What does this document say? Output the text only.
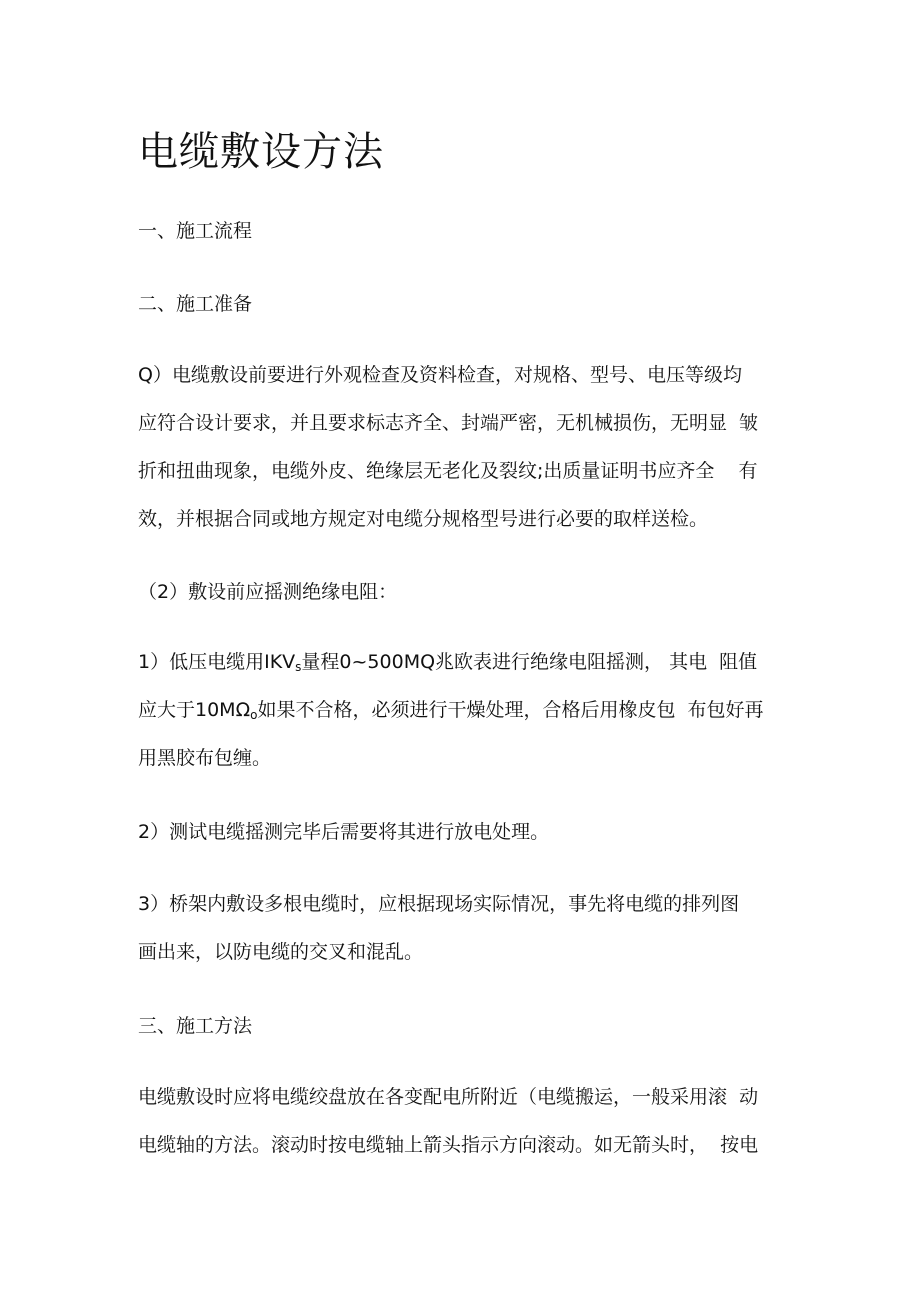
电缆敷设方法

一、施工流程

二、施工准备

Q）电缆敷设前要进行外观检查及资料检查，对规格、型号、电压等级均
应符合设计要求，并且要求标志齐全、封端严密，无机械损伤，无明显  皱
折和扭曲现象，电缆外皮、绝缘层无老化及裂纹;出质量证明书应齐全    有
效，并根据合同或地方规定对电缆分规格型号进行必要的取样送检。

（2）敷设前应摇测绝缘电阻：

1）低压电缆用$IKV_s$量程0~500MQ兆欧表进行绝缘电阻摇测， 其电  阻值
应大于$10M\Omega_o$如果不合格，必须进行干燥处理，合格后用橡皮包  布包好再
用黑胶布包缠。

2）测试电缆摇测完毕后需要将其进行放电处理。

3）桥架内敷设多根电缆时，应根据现场实际情况，事先将电缆的排列图
画出来，以防电缆的交叉和混乱。

三、施工方法

电缆敷设时应将电缆绞盘放在各变配电所附近（电缆搬运，一般采用滚  动
电缆轴的方法。滚动时按电缆轴上箭头指示方向滚动。如无箭头时，  按电
